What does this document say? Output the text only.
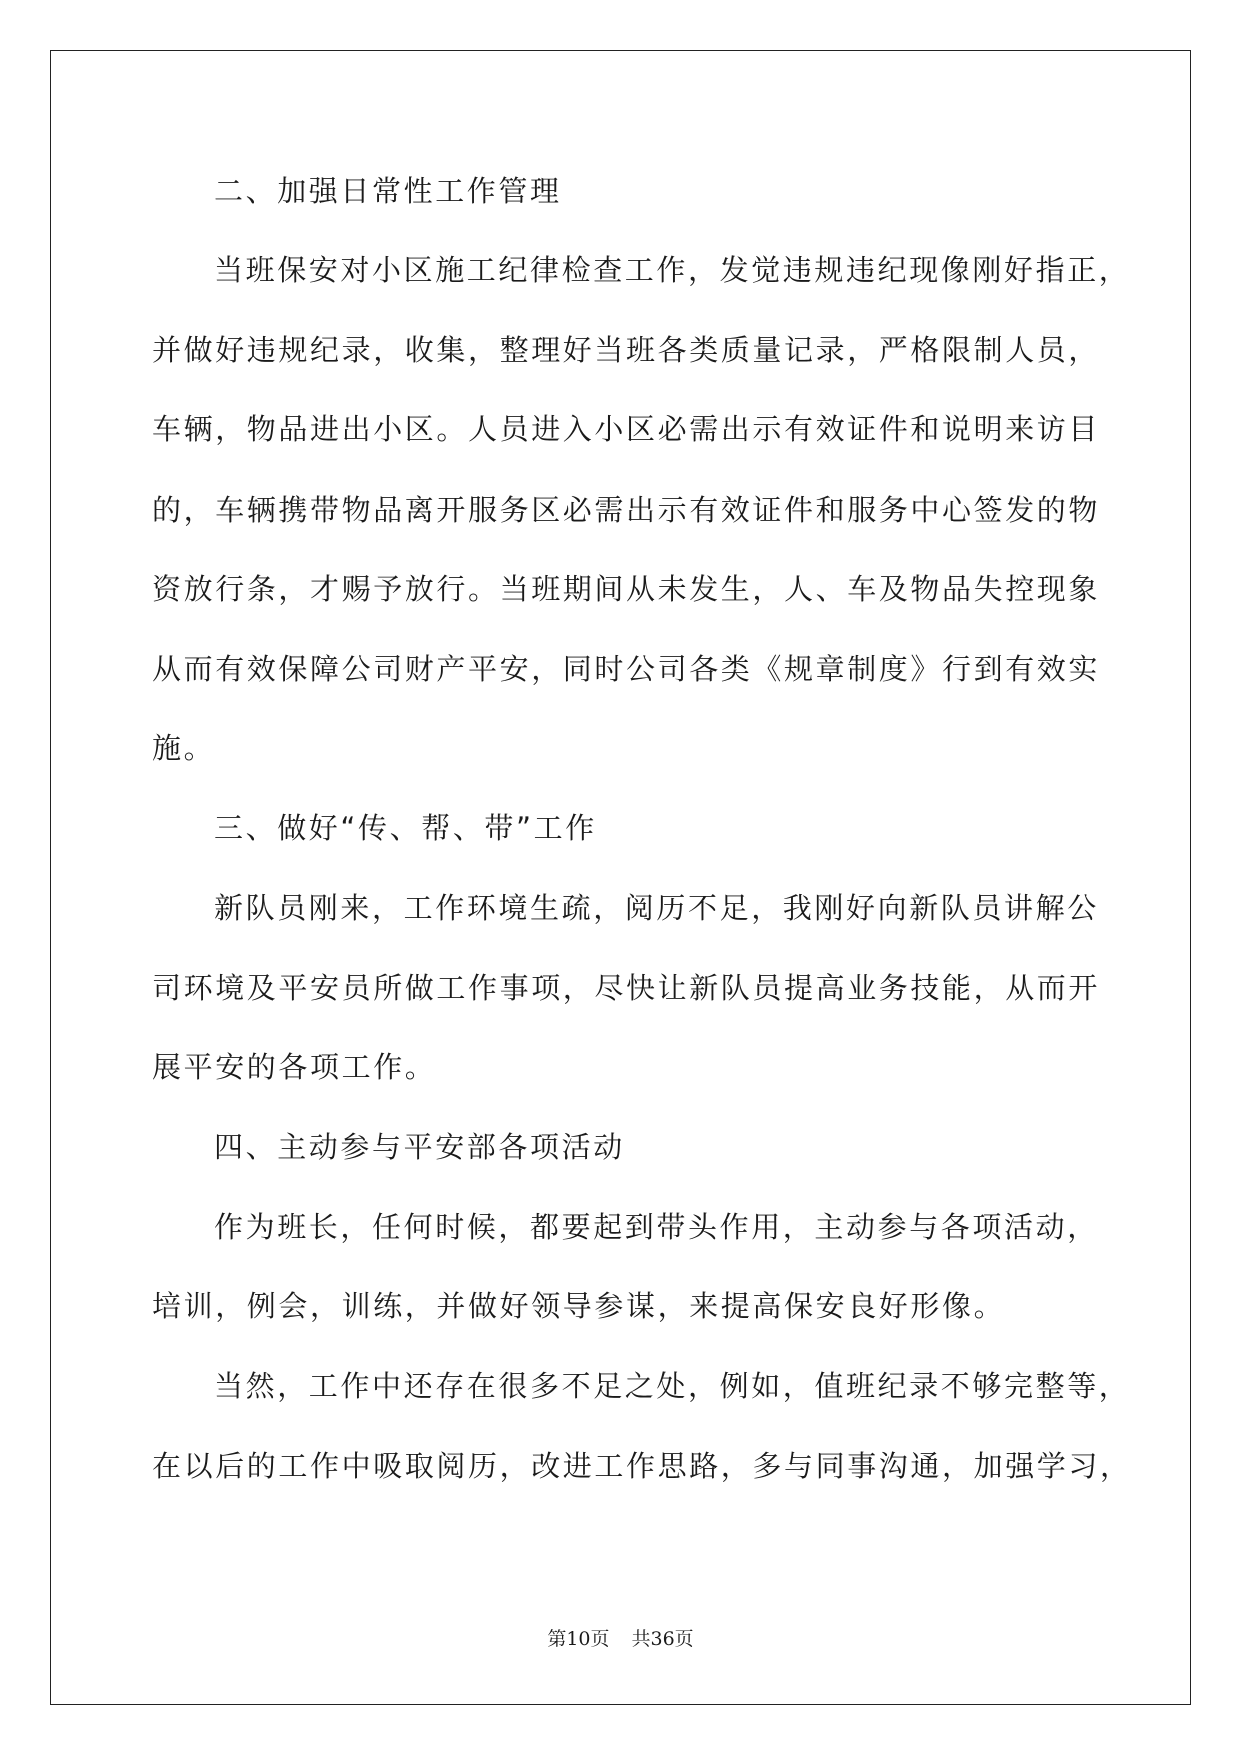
二、加强日常性工作管理
当班保安对小区施工纪律检查工作，发觉违规违纪现像刚好指正，
并做好违规纪录，收集，整理好当班各类质量记录，严格限制人员，
车辆，物品进出小区。人员进入小区必需出示有效证件和说明来访目
的，车辆携带物品离开服务区必需出示有效证件和服务中心签发的物
资放行条，才赐予放行。当班期间从未发生，人、车及物品失控现象
从而有效保障公司财产平安，同时公司各类《规章制度》行到有效实
施。
三、做好“传、帮、带”工作
新队员刚来，工作环境生疏，阅历不足，我刚好向新队员讲解公
司环境及平安员所做工作事项，尽快让新队员提高业务技能，从而开
展平安的各项工作。
四、主动参与平安部各项活动
作为班长，任何时候，都要起到带头作用，主动参与各项活动，
培训，例会，训练，并做好领导参谋，来提高保安良好形像。
当然，工作中还存在很多不足之处，例如，值班纪录不够完整等，
在以后的工作中吸取阅历，改进工作思路，多与同事沟通，加强学习，
第10页 共36页
